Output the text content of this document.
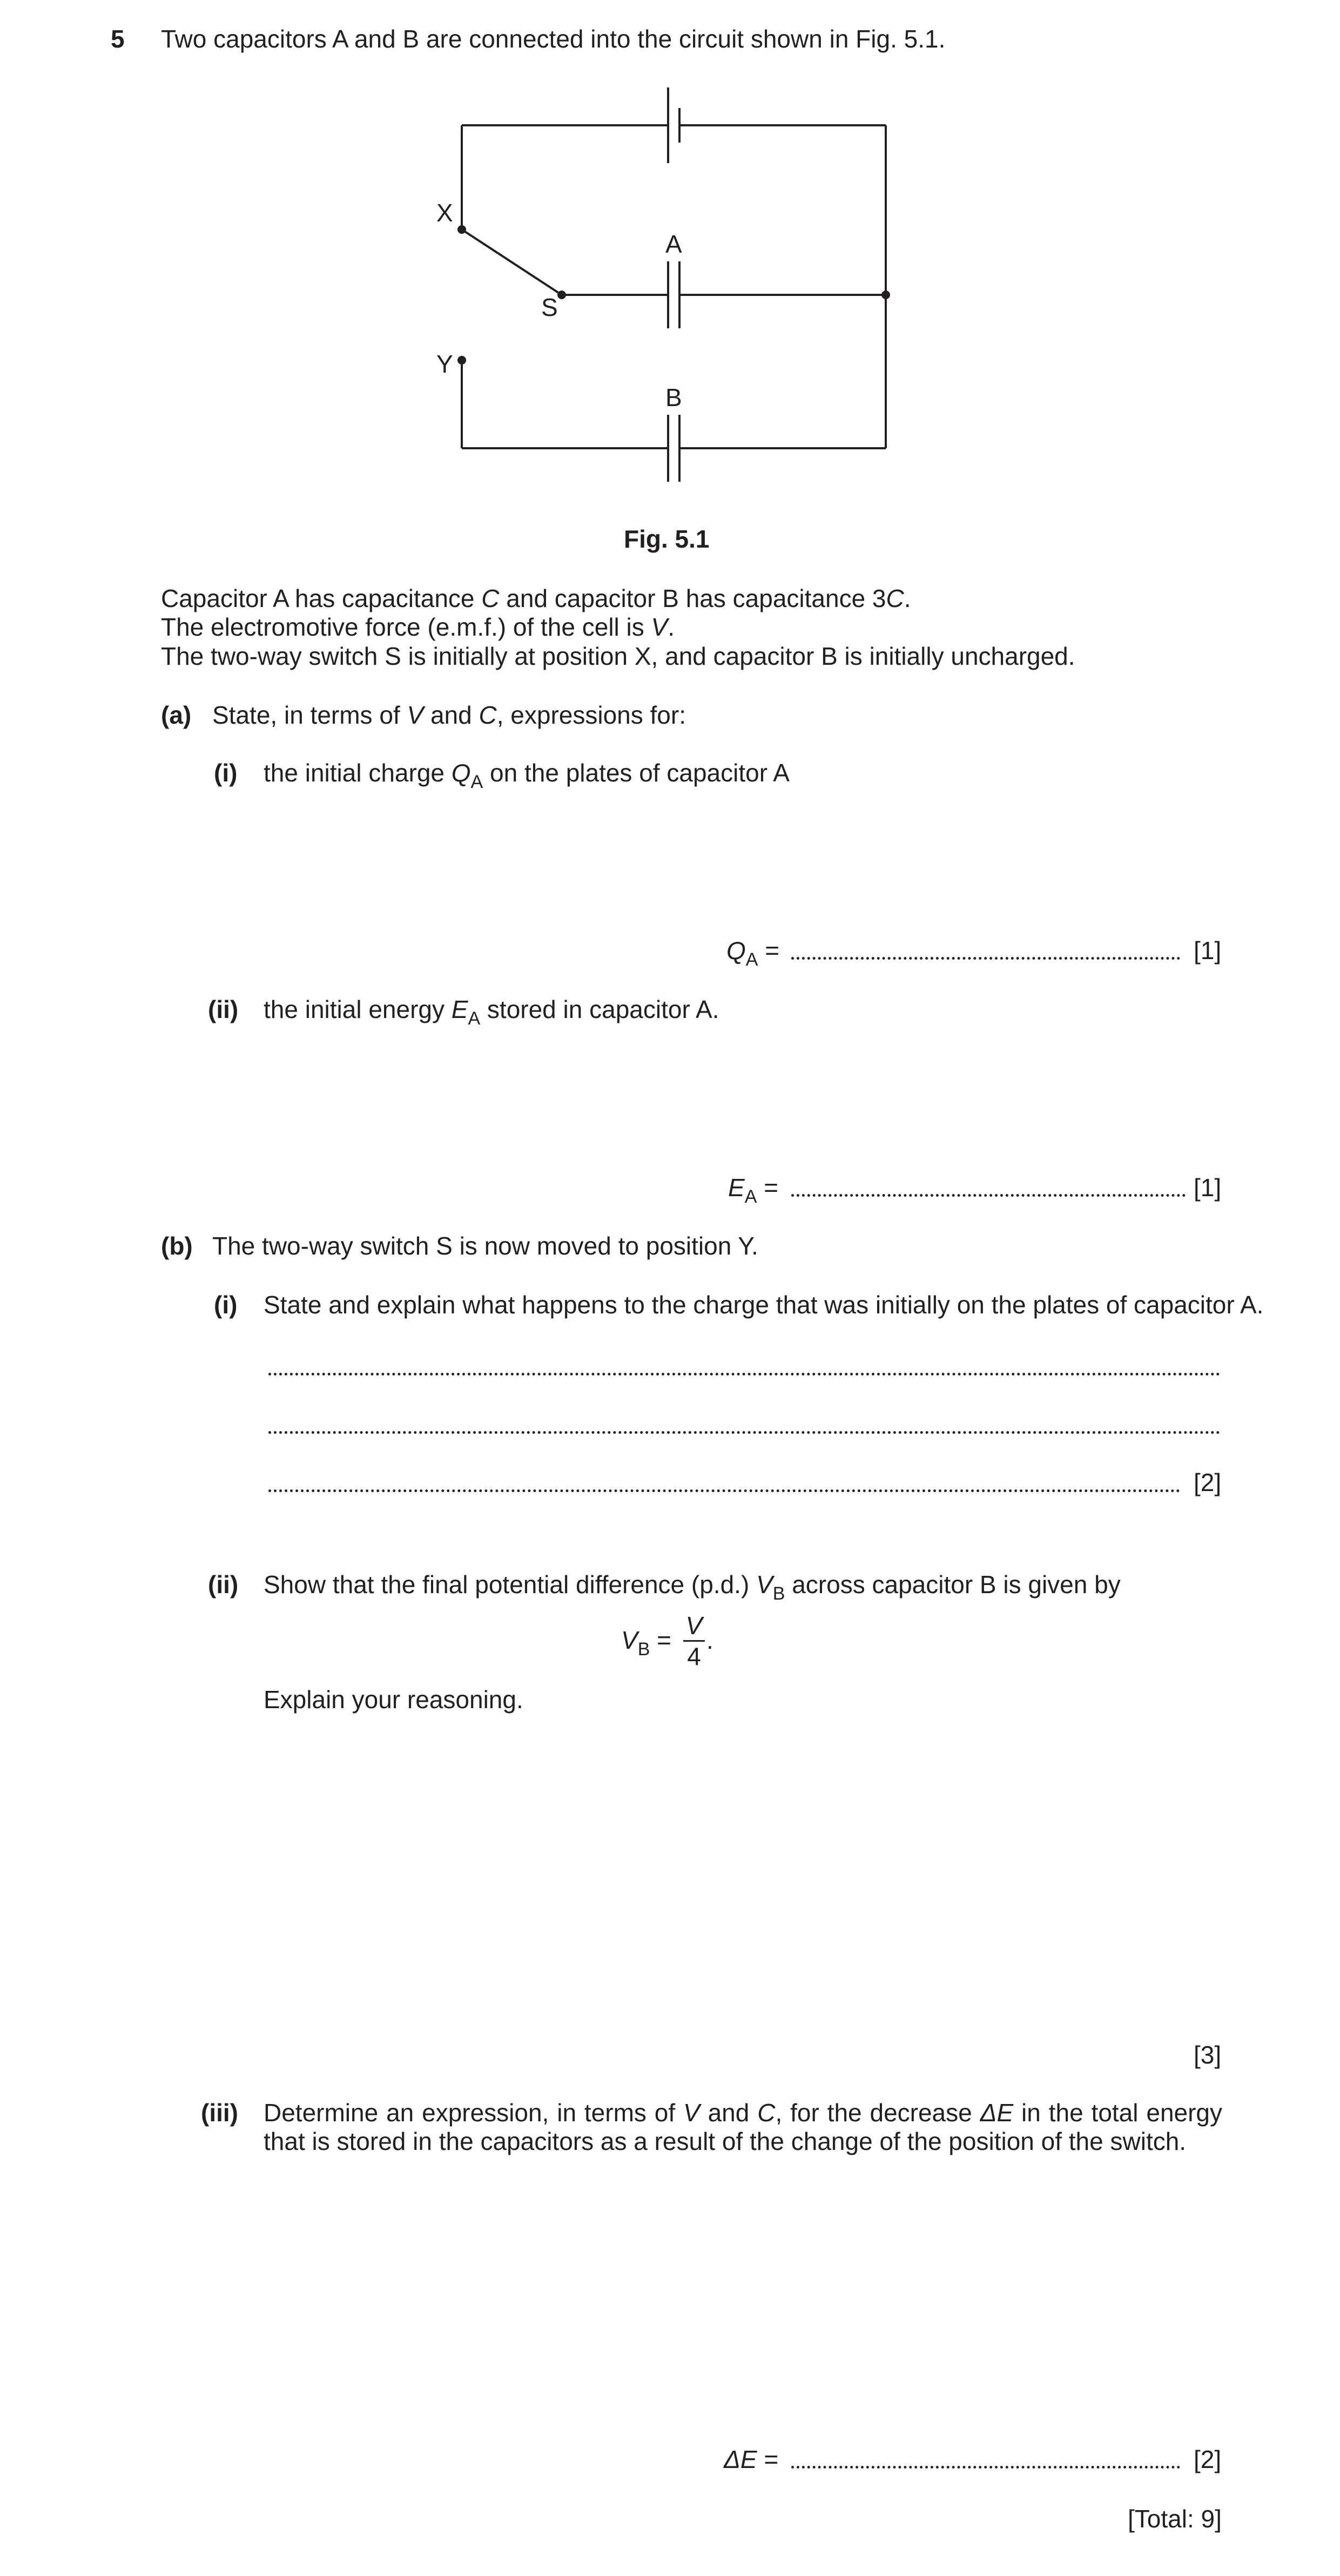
5 Two capacitors A and B are connected into the circuit shown in Fig. 5.1.
X
S
Y
A
B
Fig. 5.1
Capacitor A has capacitance C and capacitor B has capacitance 3C.
The electromotive force (e.m.f.) of the cell is V.
The two-way switch S is initially at position X, and capacitor B is initially uncharged.
(a) State, in terms of V and C, expressions for:
(i) the initial charge $Q_A$ on the plates of capacitor A
$Q_A$ =	[1]
(ii) the initial energy $E_A$ stored in capacitor A.
$E_A$ =	[1]
(b) The two-way switch S is now moved to position Y.
(i) State and explain what happens to the charge that was initially on the plates of capacitor A.
[2]
(ii) Show that the final potential difference (p.d.) $V_B$ across capacitor B is given by
$V_B$ =
V
4
.
Explain your reasoning.
[3]
(iii) Determine an expression, in terms of V and C, for the decrease ΔE in the total energy
that is stored in the capacitors as a result of the change of the position of the switch.
ΔE =	[2]
[Total: 9]
